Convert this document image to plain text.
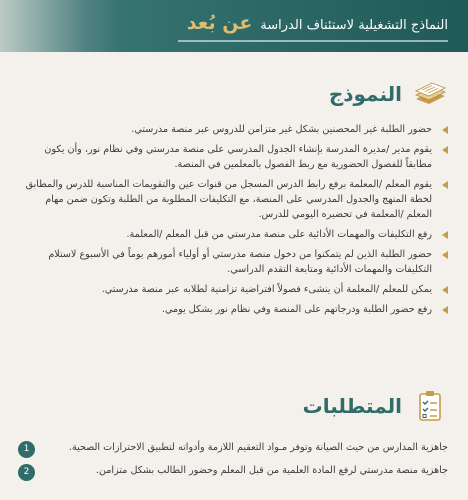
النماذج التشغيلية لاستئناف الدراسة
عن بُعد
النموذج
حضور الطلبة غير المحصنين بشكل غير متزامن للدروس عبر منصة مدرستي.
يقوم مدير /مديرة المدرسة بإنشاء الجدول المدرسي على منصة مدرستي وفي نظام نور، وأن يكون مطابقاً للفصول الحضورية مع ربط الفصول بالمعلمين في المنصة.
يقوم المعلم /المعلمة برفع رابط الدرس المسجل من قنوات عين والتقويمات المناسبة للدرس والمطابق لخطة المنهج والجدول المدرسي على المنصة، مع التكليفات المطلوبة من الطلبة وتكون ضمن مهام المعلم /المعلمة في تحضيره اليومي للدرس.
رفع التكليفات والمهمات الأدائية على منصة مدرستي من قبل المعلم /المعلمة.
حضور الطلبة الذين لم يتمكنوا من دخول منصة مدرستي أو أولياء أمورهم يوماً في الأسبوع لاستلام التكليفات والمهمات الأدائية ومتابعة التقدم الدراسي.
يمكن للمعلم /المعلمة أن ينشىء فصولاً افتراضية تزامنية لطلابه عبر منصة مدرستي.
رفع حضور الطلبة ودرجاتهم على المنصة وفي نظام نور بشكل يومي.
المتطلبات
1	جاهزية المدارس من حيث الصيانة وتوفر مـواد التعقيم اللازمة وأدواته لتطبيق الاحترازات الصحية.
2	جاهزية منصة مدرستي لرفع المادة العلمية من قبل المعلم وحضور الطالب بشكل متزامن.
